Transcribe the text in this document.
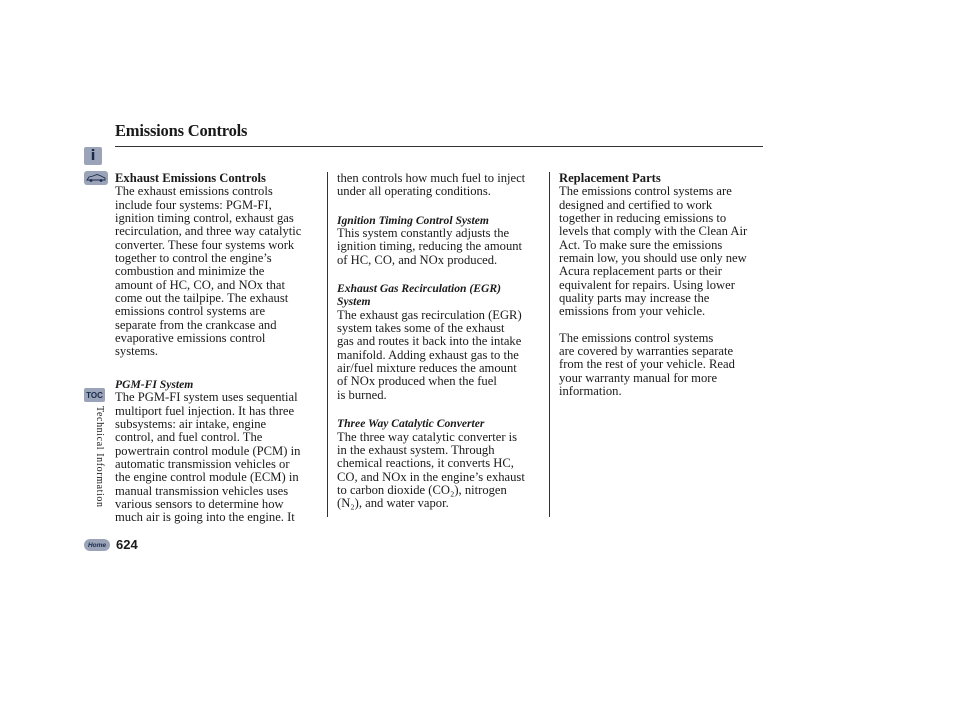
Emissions Controls
i
TOC
Technical Information
Home

Exhaust Emissions Controls

The exhaust emissions controls
include four systems: PGM-FI,
ignition timing control, exhaust gas
recirculation, and three way catalytic
converter. These four systems work
together to control the engine’s
combustion and minimize the
amount of HC, CO, and NOx that
come out the tailpipe. The exhaust
emissions control systems are
separate from the crankcase and
evaporative emissions control
systems.

PGM-FI System

The PGM-FI system uses sequential
multiport fuel injection. It has three
subsystems: air intake, engine
control, and fuel control. The
powertrain control module (PCM) in
automatic transmission vehicles or
the engine control module (ECM) in
manual transmission vehicles uses
various sensors to determine how
much air is going into the engine. It

then controls how much fuel to inject
under all operating conditions.

Ignition Timing Control System

This system constantly adjusts the
ignition timing, reducing the amount
of HC, CO, and NOx produced.

Exhaust Gas Recirculation (EGR)
System

The exhaust gas recirculation (EGR)
system takes some of the exhaust
gas and routes it back into the intake
manifold. Adding exhaust gas to the
air/fuel mixture reduces the amount
of NOx produced when the fuel
is burned.

Three Way Catalytic Converter

The three way catalytic converter is
in the exhaust system. Through
chemical reactions, it converts HC,
CO, and NOx in the engine’s exhaust
to carbon dioxide (CO₂), nitrogen
(N₂), and water vapor.

Replacement Parts

The emissions control systems are
designed and certified to work
together in reducing emissions to
levels that comply with the Clean Air
Act. To make sure the emissions
remain low, you should use only new
Acura replacement parts or their
equivalent for repairs. Using lower
quality parts may increase the
emissions from your vehicle.

The emissions control systems
are covered by warranties separate
from the rest of your vehicle. Read
your warranty manual for more
information.

624
